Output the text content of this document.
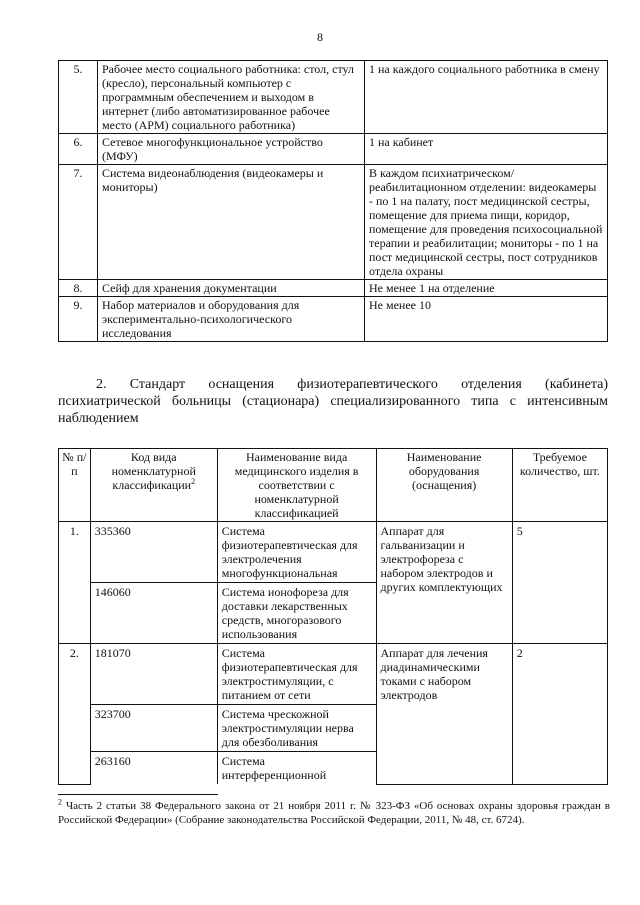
8
5.	Рабочее место социального работника: стол, стул (кресло), персональный компьютер с программным обеспечением и выходом в интернет (либо автоматизированное рабочее место (АРМ) социального работника)	1 на каждого социального работника в смену
6.	Сетевое многофункциональное устройство (МФУ)	1 на кабинет
7.	Система видеонаблюдения (видеокамеры и мониторы)	В каждом психиатрическом/реабилитационном отделении: видеокамеры - по 1 на палату, пост медицинской сестры, помещение для приема пищи, коридор, помещение для проведения психосоциальной терапии и реабилитации; мониторы - по 1 на пост медицинской сестры, пост сотрудников отдела охраны
8.	Сейф для хранения документации	Не менее 1 на отделение
9.	Набор материалов и оборудования для экспериментально-психологического исследования	Не менее 10
2. Стандарт оснащения физиотерапевтического отделения (кабинета) психиатрической больницы (стационара) специализированного типа с интенсивным наблюдением
№ п/п	Код вида номенклатурной классификации$^2$	Наименование вида медицинского изделия в соответствии с номенклатурной классификацией	Наименование оборудования (оснащения)	Требуемое количество, шт.
1.	335360	Система физиотерапевтическая для электролечения многофункциональная	Аппарат для гальванизации и электрофореза с набором электродов и других комплектующих	5
	146060	Система ионофореза для доставки лекарственных средств, многоразового использования		
2.	181070	Система физиотерапевтическая для электростимуляции, с питанием от сети	Аппарат для лечения диадинамическими токами с набором электродов	2
	323700	Система чрескожной электростимуляции нерва для обезболивания		
	263160	Система интерференционной		
$^2$ Часть 2 статьи 38 Федерального закона от 21 ноября 2011 г. № 323-ФЗ «Об основах охраны здоровья граждан в Российской Федерации» (Собрание законодательства Российской Федерации, 2011, № 48, ст. 6724).
